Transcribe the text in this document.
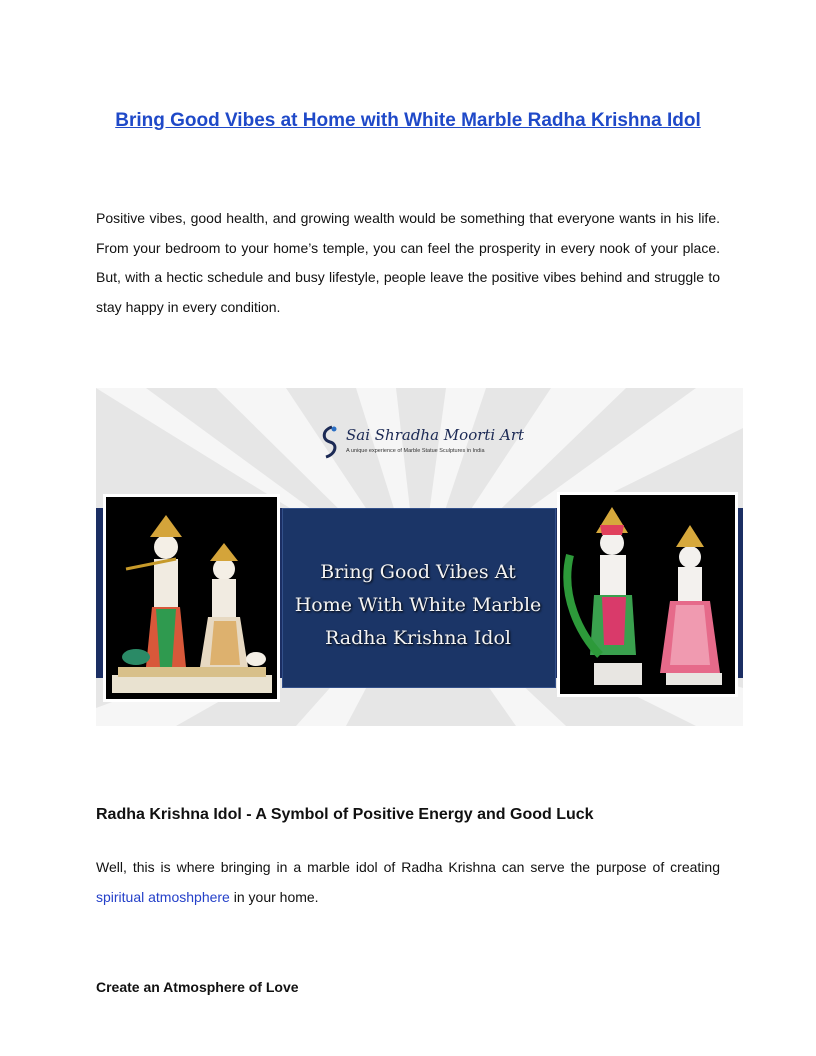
Bring Good Vibes at Home with White Marble Radha Krishna Idol
Positive vibes, good health, and growing wealth would be something that everyone wants in his life. From your bedroom to your home’s temple, you can feel the prosperity in every nook of your place. But, with a hectic schedule and busy lifestyle, people leave the positive vibes behind and struggle to stay happy in every condition.
Sai Shradha Moorti Art
A unique experience of Marble Statue Sculptures in India
Bring Good Vibes At
Home With White Marble
Radha Krishna Idol
Radha Krishna Idol - A Symbol of Positive Energy and Good Luck
Well, this is where bringing in a marble idol of Radha Krishna can serve the purpose of creating spiritual atmoshphere in your home.
Create an Atmosphere of Love
